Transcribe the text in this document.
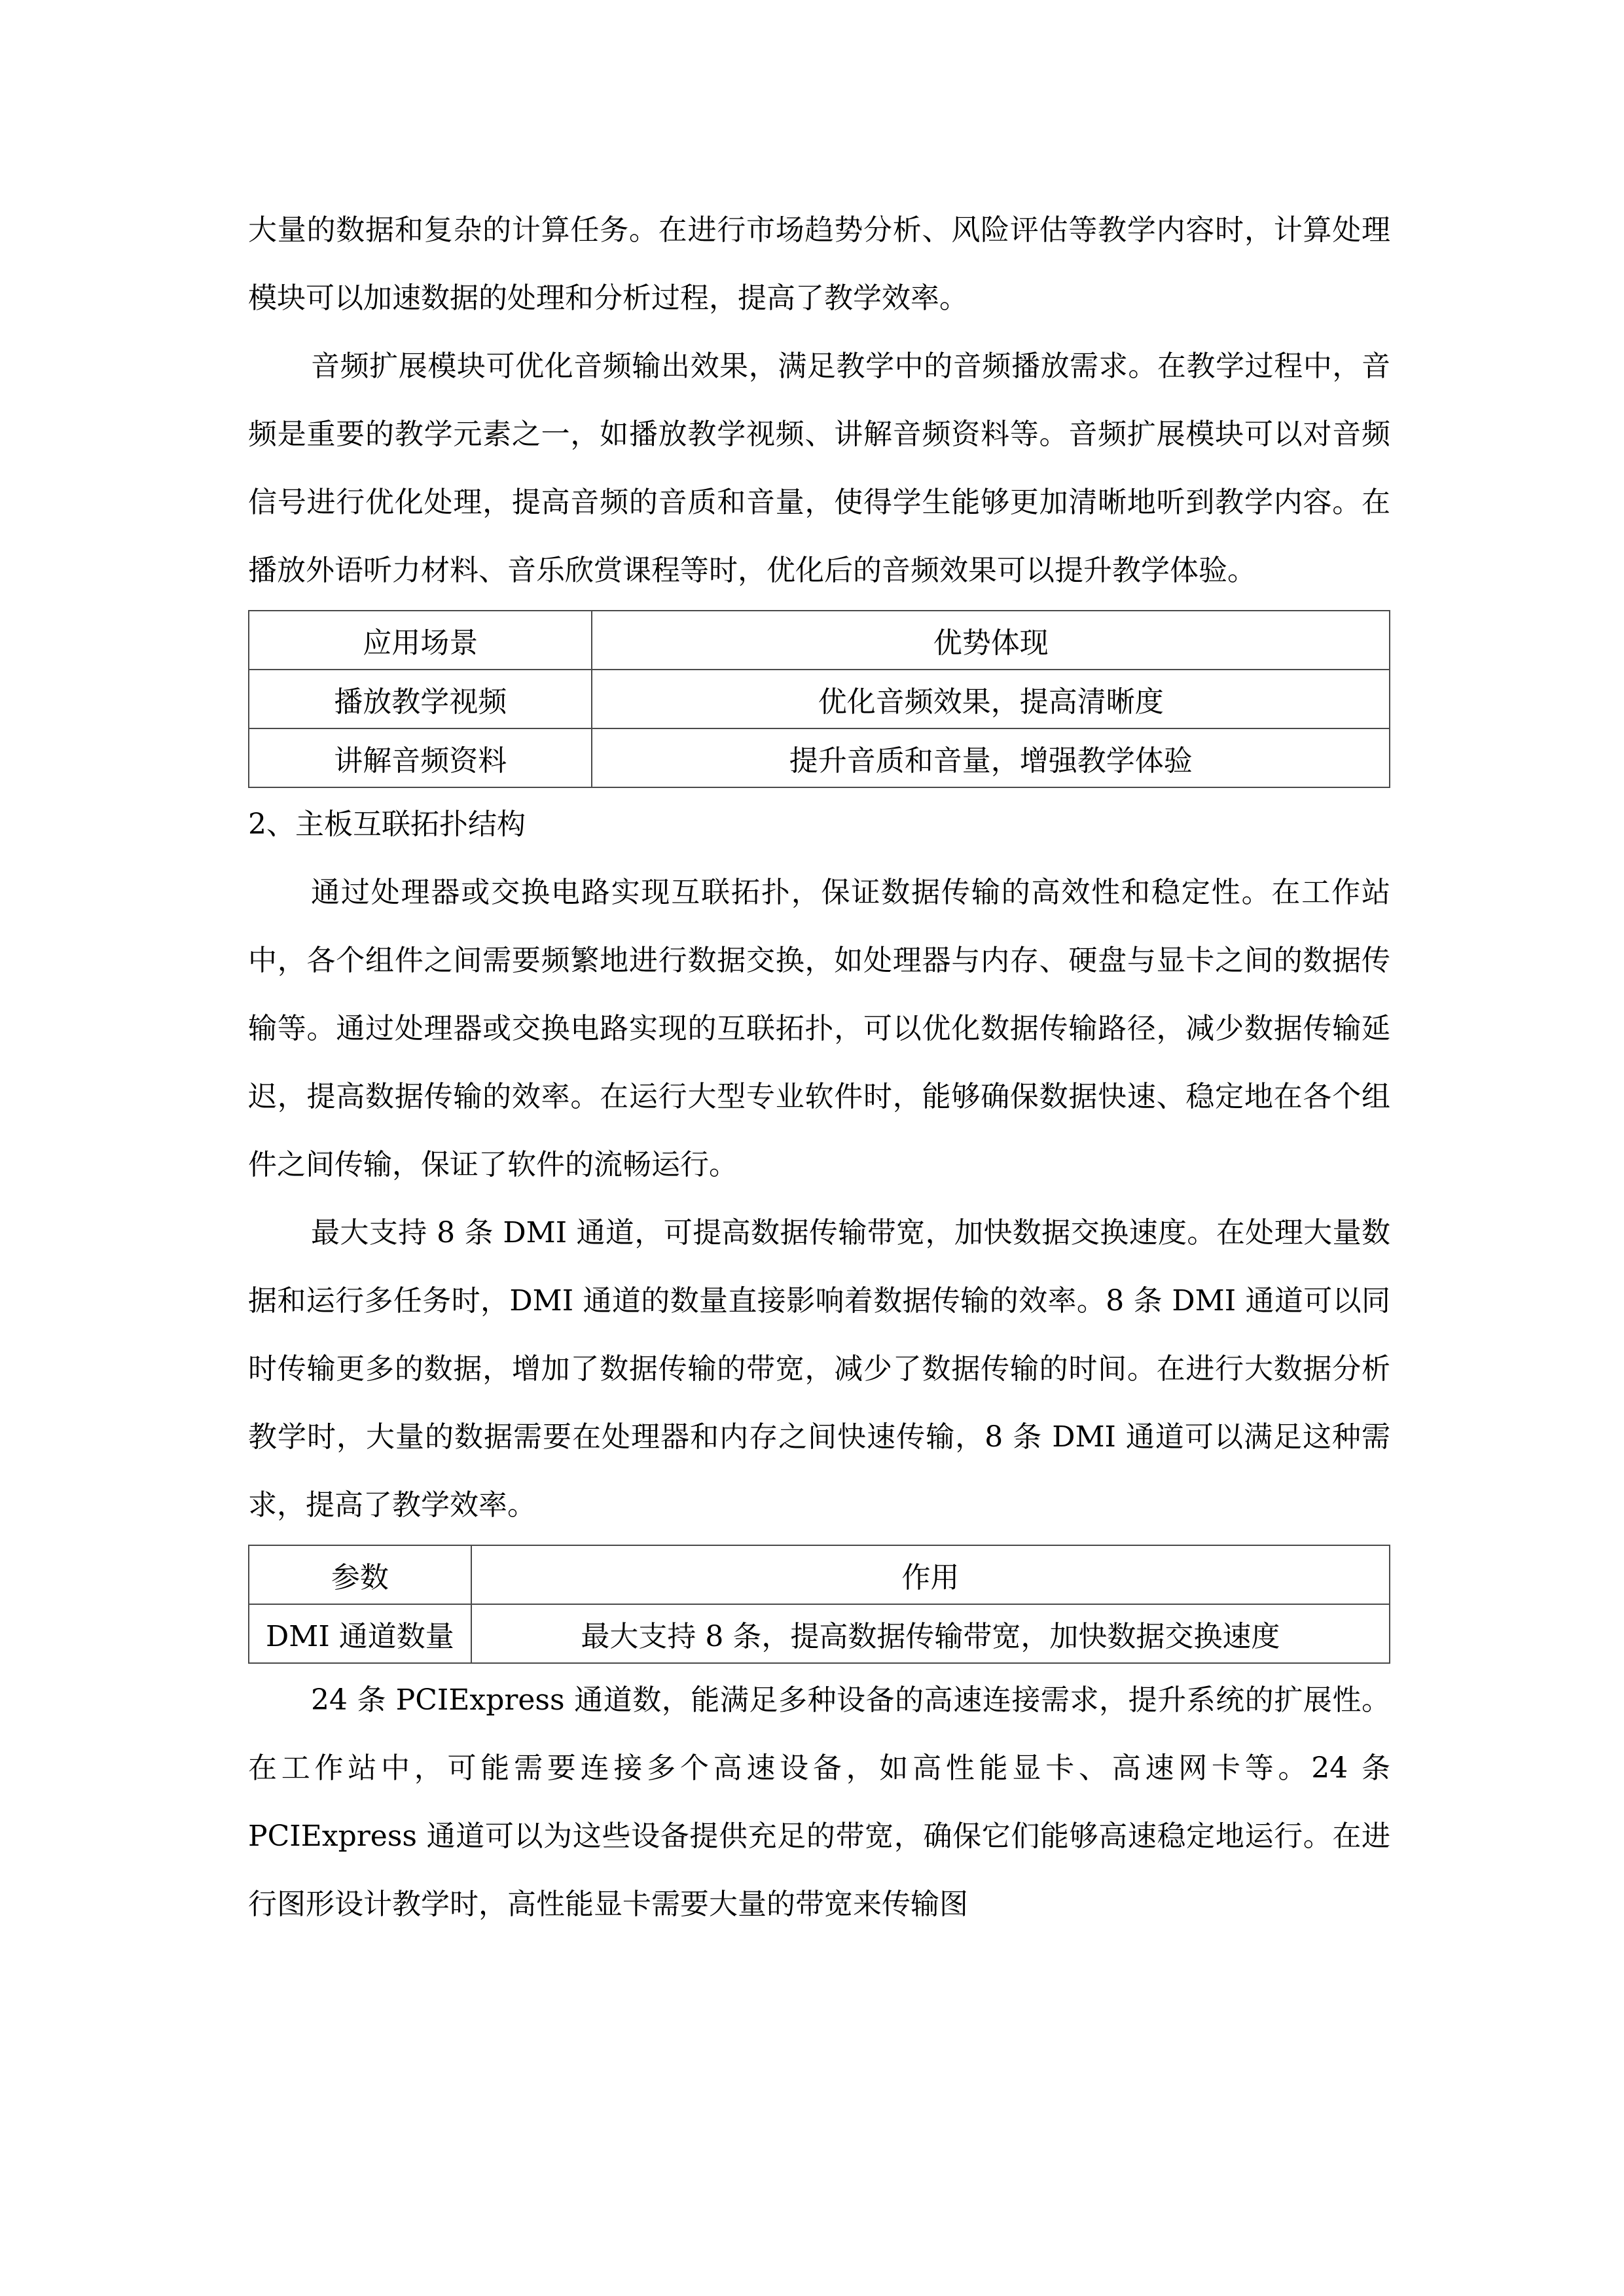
大量的数据和复杂的计算任务。在进行市场趋势分析、风险评估等教学内容时，计算处理模块可以加速数据的处理和分析过程，提高了教学效率。

音频扩展模块可优化音频输出效果，满足教学中的音频播放需求。在教学过程中，音频是重要的教学元素之一，如播放教学视频、讲解音频资料等。音频扩展模块可以对音频信号进行优化处理，提高音频的音质和音量，使得学生能够更加清晰地听到教学内容。在播放外语听力材料、音乐欣赏课程等时，优化后的音频效果可以提升教学体验。

应用场景	优势体现
播放教学视频	优化音频效果，提高清晰度
讲解音频资料	提升音质和音量，增强教学体验

2、主板互联拓扑结构

通过处理器或交换电路实现互联拓扑，保证数据传输的高效性和稳定性。在工作站中，各个组件之间需要频繁地进行数据交换，如处理器与内存、硬盘与显卡之间的数据传输等。通过处理器或交换电路实现的互联拓扑，可以优化数据传输路径，减少数据传输延迟，提高数据传输的效率。在运行大型专业软件时，能够确保数据快速、稳定地在各个组件之间传输，保证了软件的流畅运行。

最大支持 8 条 DMI 通道，可提高数据传输带宽，加快数据交换速度。在处理大量数据和运行多任务时，DMI 通道的数量直接影响着数据传输的效率。8 条 DMI 通道可以同时传输更多的数据，增加了数据传输的带宽，减少了数据传输的时间。在进行大数据分析教学时，大量的数据需要在处理器和内存之间快速传输，8 条 DMI 通道可以满足这种需求，提高了教学效率。

参数	作用
DMI 通道数量	最大支持 8 条，提高数据传输带宽，加快数据交换速度

24 条 PCIExpress 通道数，能满足多种设备的高速连接需求，提升系统的扩展性。在工作站中，可能需要连接多个高速设备，如高性能显卡、高速网卡等。24 条 PCIExpress 通道可以为这些设备提供充足的带宽，确保它们能够高速稳定地运行。在进行图形设计教学时，高性能显卡需要大量的带宽来传输图
